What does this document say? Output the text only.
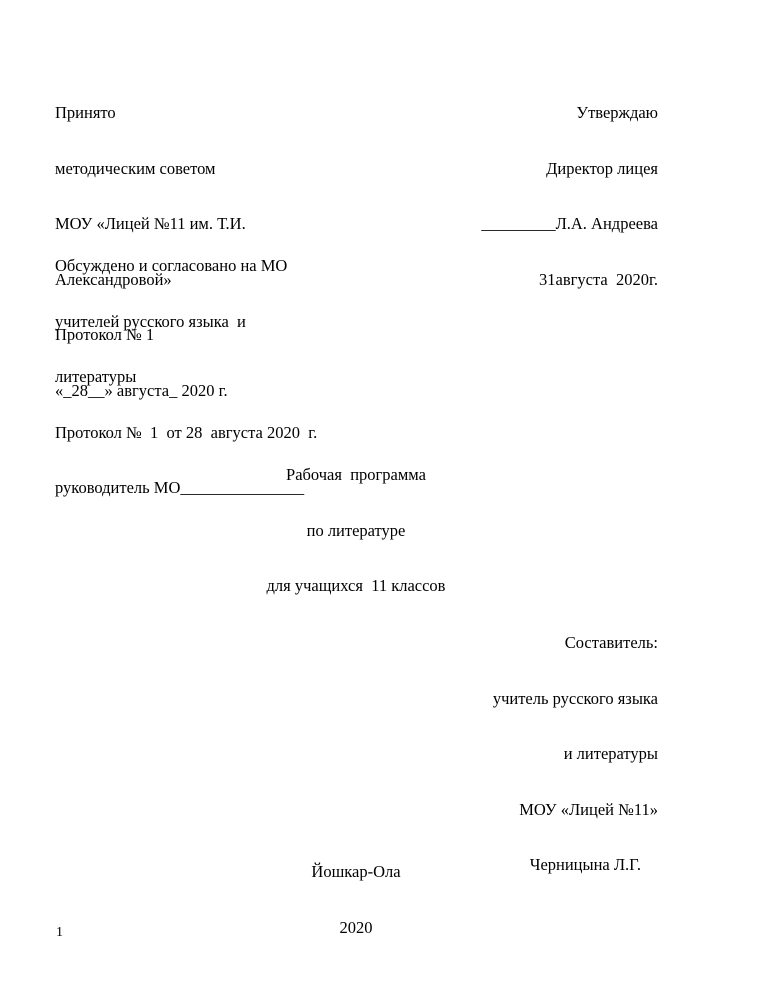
Принято

методическим советом

МОУ «Лицей №11 им. Т.И.

Александровой»

Протокол № 1

«_28__» августа_ 2020 г.

Утверждаю

Директор лицея

_________Л.А. Андреева

31августа  2020г.

Обсуждено и согласовано на МО

учителей русского языка  и

литературы

Протокол №  1  от 28  августа 2020  г.

руководитель МО_______________

Рабочая  программа

по литературе

для учащихся  11 классов

Составитель:

учитель русского языка

и литературы

МОУ «Лицей №11»

Черницына Л.Г.

Йошкар-Ола

2020

1
